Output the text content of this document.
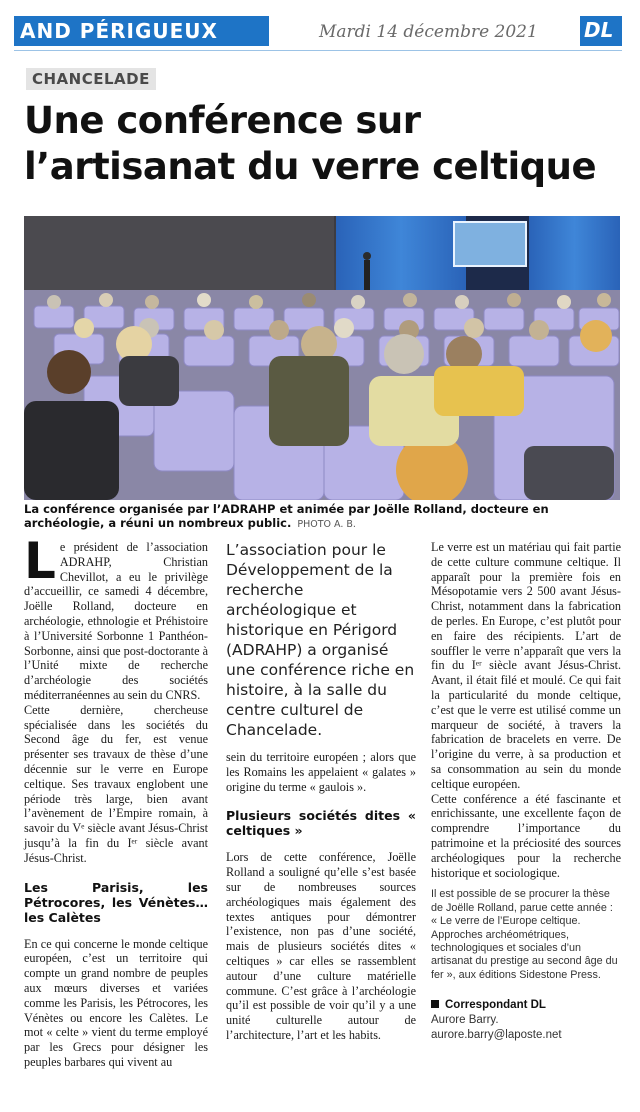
AND PÉRIGUEUX	Mardi 14 décembre 2021 DL
CHANCELADE
Une conférence sur l’artisanat du verre celtique
La conférence organisée par l’ADRAHP et animée par Joëlle Rolland, docteure en archéologie, a réuni un nombreux public. PHOTO A. B.

Le président de l’association ADRAHP, Christian Chevillot, a eu le privilège d’accueillir, ce samedi 4 décembre, Joëlle Rolland, docteure en archéologie, ethnologie et Préhistoire à l’Université Sorbonne 1 Panthéon-Sorbonne, ainsi que post-doctorante à l’Unité mixte de recherche d’archéologie des sociétés méditerranéennes au sein du CNRS.

Cette dernière, chercheuse spécialisée dans les sociétés du Second âge du fer, est venue présenter ses travaux de thèse d’une décennie sur le verre en Europe celtique. Ses travaux englobent une période très large, bien avant l’avènement de l’Empire romain, à savoir du Vᵉ siècle avant Jésus-Christ jusqu’à la fin du Iᵉʳ siècle avant Jésus-Christ.

Les Parisis, les Pétrocores, les Vénètes… les Calètes

En ce qui concerne le monde celtique européen, c’est un territoire qui compte un grand nombre de peuples aux mœurs diverses et variées comme les Parisis, les Pétrocores, les Vénètes ou encore les Calètes. Le mot « celte » vient du terme employé par les Grecs pour désigner les peuples barbares qui vivent au

L’association pour le Développement de la recherche archéologique et historique en Périgord (ADRAHP) a organisé une conférence riche en histoire, à la salle du centre culturel de Chancelade.

sein du territoire européen ; alors que les Romains les appelaient « galates » origine du terme « gaulois ».

Plusieurs sociétés dites « celtiques »

Lors de cette conférence, Joëlle Rolland a souligné qu’elle s’est basée sur de nombreuses sources archéologiques mais également des textes antiques pour démontrer l’existence, non pas d’une société, mais de plusieurs sociétés dites « celtiques » car elles se rassemblent autour d’une culture matérielle commune. C’est grâce à l’archéologie qu’il est possible de voir qu’il y a une unité culturelle autour de l’architecture, l’art et les habits.

Le verre est un matériau qui fait partie de cette culture commune celtique. Il apparaît pour la première fois en Mésopotamie vers 2 500 avant Jésus-Christ, notamment dans la fabrication de perles. En Europe, c’est plutôt pour en faire des récipients. L’art de souffler le verre n’apparaît que vers la fin du Iᵉʳ siècle avant Jésus-Christ. Avant, il était filé et moulé. Ce qui fait la particularité du monde celtique, c’est que le verre est utilisé comme un marqueur de société, à travers la fabrication de bracelets en verre. De l’origine du verre, à sa production et sa consommation au sein du monde celtique européen.

Cette conférence a été fascinante et enrichissante, une excellente façon de comprendre l’importance du patrimoine et la préciosité des sources archéologiques pour la recherche historique et sociologique.

Il est possible de se procurer la thèse de Joëlle Rolland, parue cette année : « Le verre de l’Europe celtique. Approches archéométriques, technologiques et sociales d’un artisanat du prestige au second âge du fer », aux éditions Sidestone Press.
Correspondant DL
Aurore Barry.
aurore.barry@laposte.net
